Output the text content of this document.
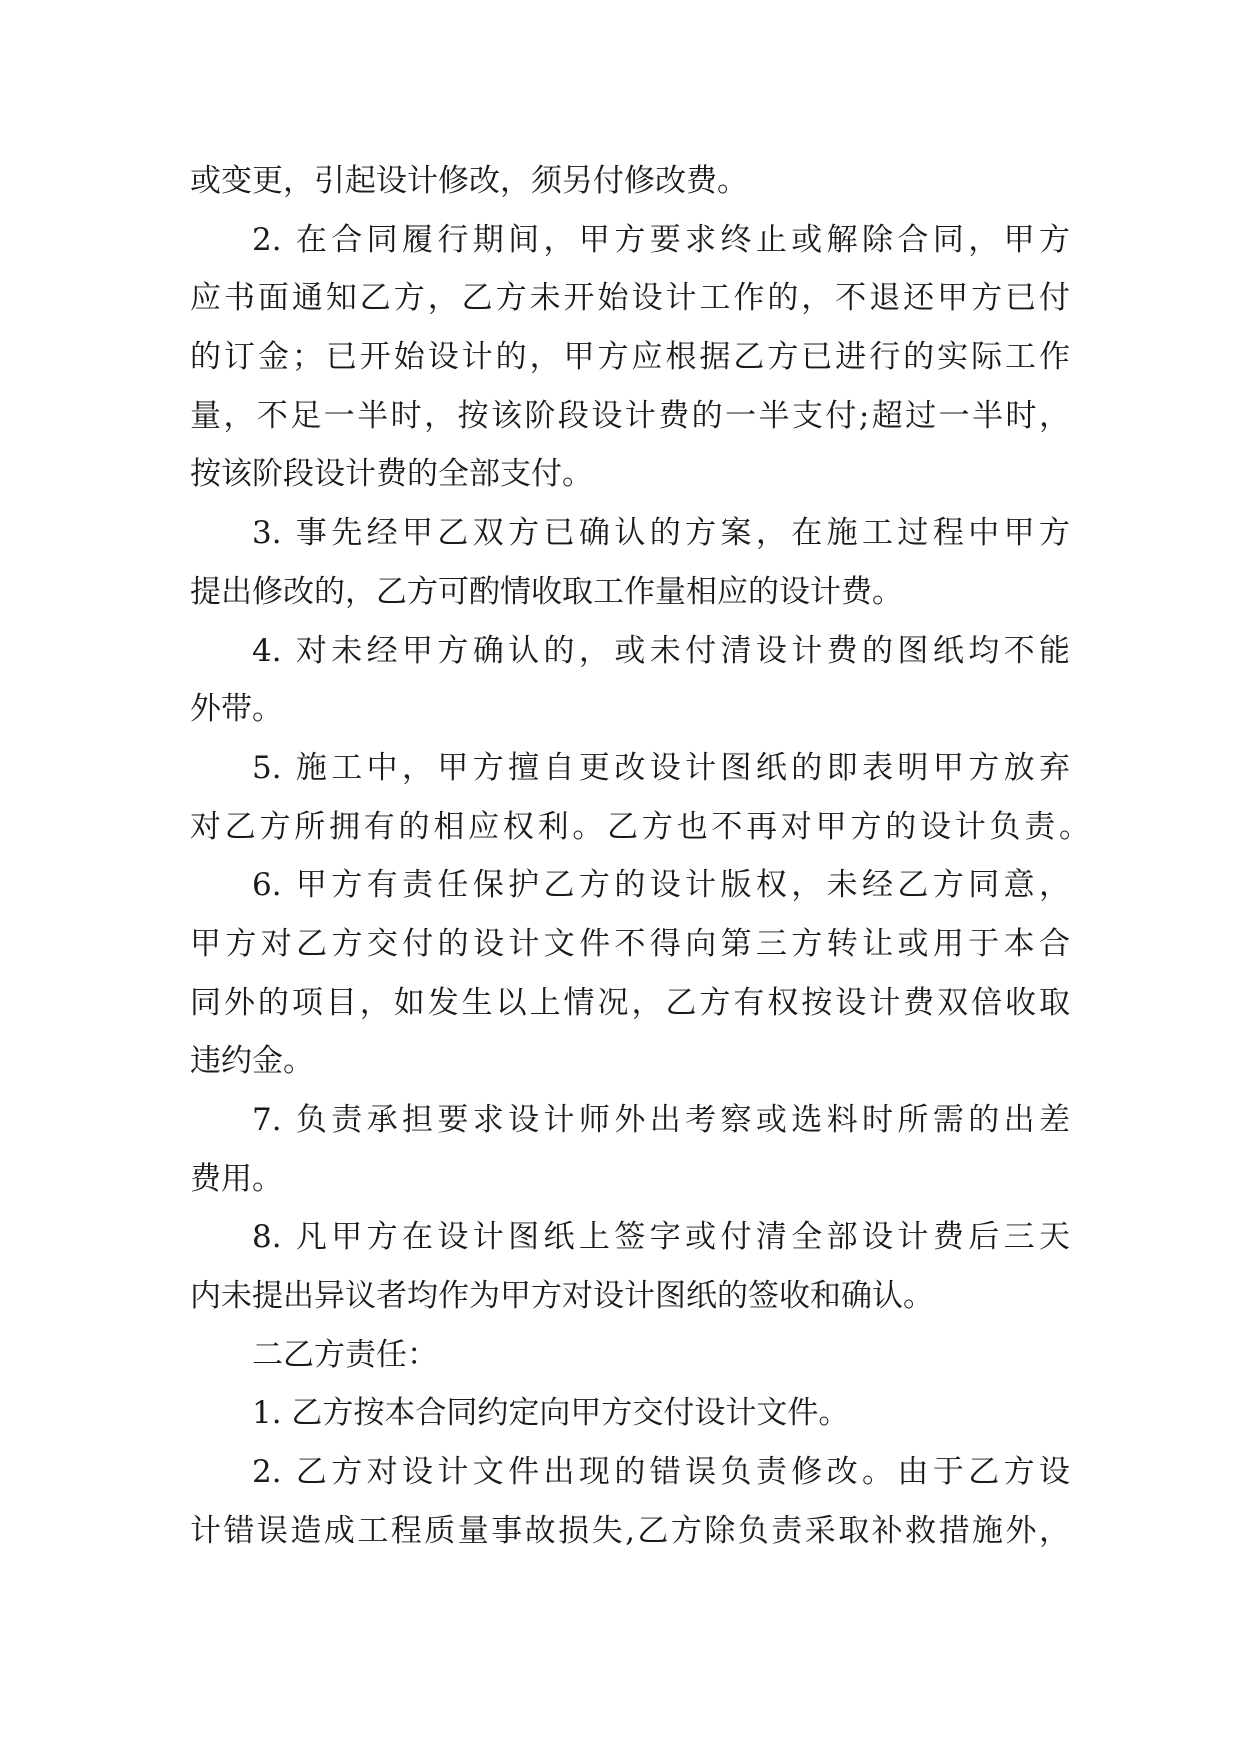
或变更，引起设计修改，须另付修改费。
2. 在合同履行期间，甲方要求终止或解除合同，甲方
应书面通知乙方，乙方未开始设计工作的，不退还甲方已付
的订金；已开始设计的，甲方应根据乙方已进行的实际工作
量，不足一半时，按该阶段设计费的一半支付;超过一半时，
按该阶段设计费的全部支付。
3. 事先经甲乙双方已确认的方案，在施工过程中甲方
提出修改的，乙方可酌情收取工作量相应的设计费。
4. 对未经甲方确认的，或未付清设计费的图纸均不能
外带。
5. 施工中，甲方擅自更改设计图纸的即表明甲方放弃
对乙方所拥有的相应权利。乙方也不再对甲方的设计负责。
6. 甲方有责任保护乙方的设计版权，未经乙方同意，
甲方对乙方交付的设计文件不得向第三方转让或用于本合
同外的项目，如发生以上情况，乙方有权按设计费双倍收取
违约金。
7. 负责承担要求设计师外出考察或选料时所需的出差
费用。
8. 凡甲方在设计图纸上签字或付清全部设计费后三天
内未提出异议者均作为甲方对设计图纸的签收和确认。
二乙方责任：
1. 乙方按本合同约定向甲方交付设计文件。
2. 乙方对设计文件出现的错误负责修改。由于乙方设
计错误造成工程质量事故损失,乙方除负责采取补救措施外，
